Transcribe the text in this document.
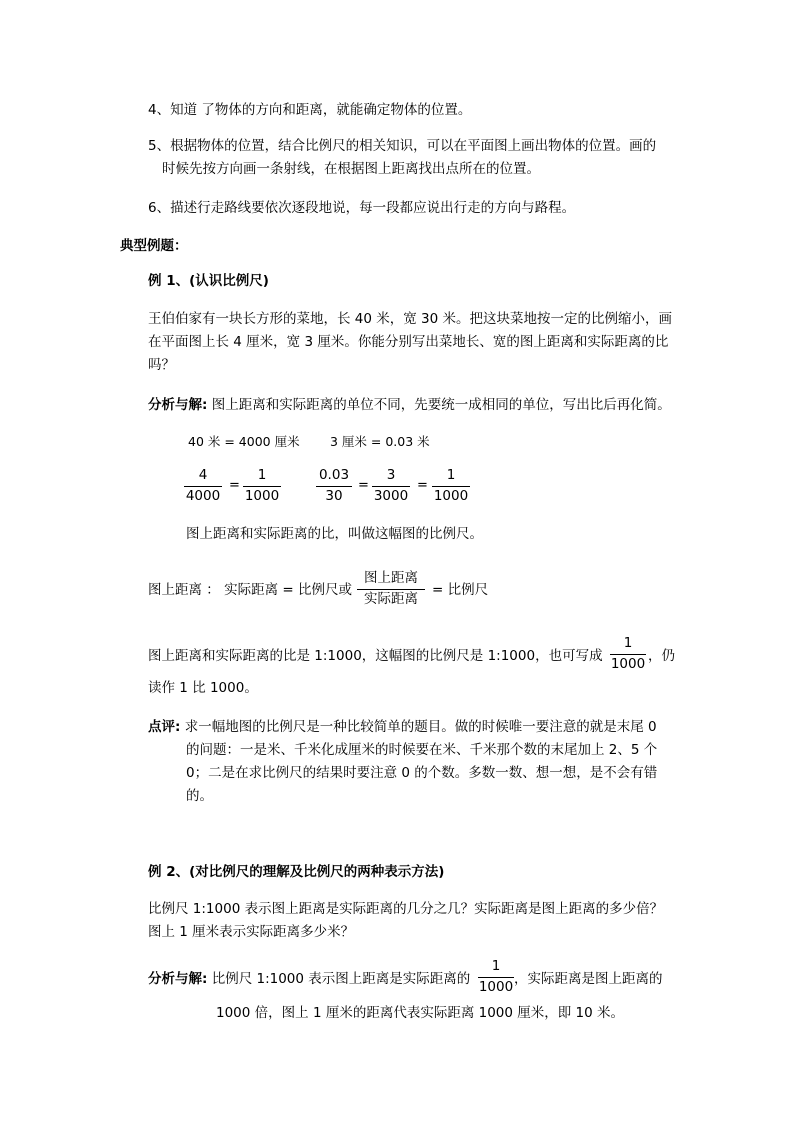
4、知道 了物体的方向和距离，就能确定物体的位置。
5、根据物体的位置，结合比例尺的相关知识，可以在平面图上画出物体的位置。画的
时候先按方向画一条射线，在根据图上距离找出点所在的位置。
6、描述行走路线要依次逐段地说，每一段都应说出行走的方向与路程。
典型例题：
例 1、(认识比例尺)
王伯伯家有一块长方形的菜地，长 40 米，宽 30 米。把这块菜地按一定的比例缩小，画
在平面图上长 4 厘米，宽 3 厘米。你能分别写出菜地长、宽的图上距离和实际距离的比
吗？
分析与解: 图上距离和实际距离的单位不同，先要统一成相同的单位，写出比后再化简。
40 米 = 4000 厘米 3 厘米 = 0.03 米
4
4000
=
1
1000
0.03
30
=
3
3000
=
1
1000
图上距离和实际距离的比，叫做这幅图的比例尺。
图上距离 ： 实际距离 = 比例尺或
图上距离
实际距离
= 比例尺
图上距离和实际距离的比是 1:1000，这幅图的比例尺是 1:1000，也可写成
1
1000 ，仍
读作 1 比 1000。
点评: 求一幅地图的比例尺是一种比较简单的题目。做的时候唯一要注意的就是末尾 0
的问题：一是米、千米化成厘米的时候要在米、千米那个数的末尾加上 2、5 个
0；二是在求比例尺的结果时要注意 0 的个数。多数一数、想一想，是不会有错
的。
例 2、(对比例尺的理解及比例尺的两种表示方法)
比例尺 1:1000 表示图上距离是实际距离的几分之几？实际距离是图上距离的多少倍？
图上 1 厘米表示实际距离多少米？
分析与解: 比例尺 1:1000 表示图上距离是实际距离的
1
1000 ，实际距离是图上距离的
1000 倍，图上 1 厘米的距离代表实际距离 1000 厘米，即 10 米。
